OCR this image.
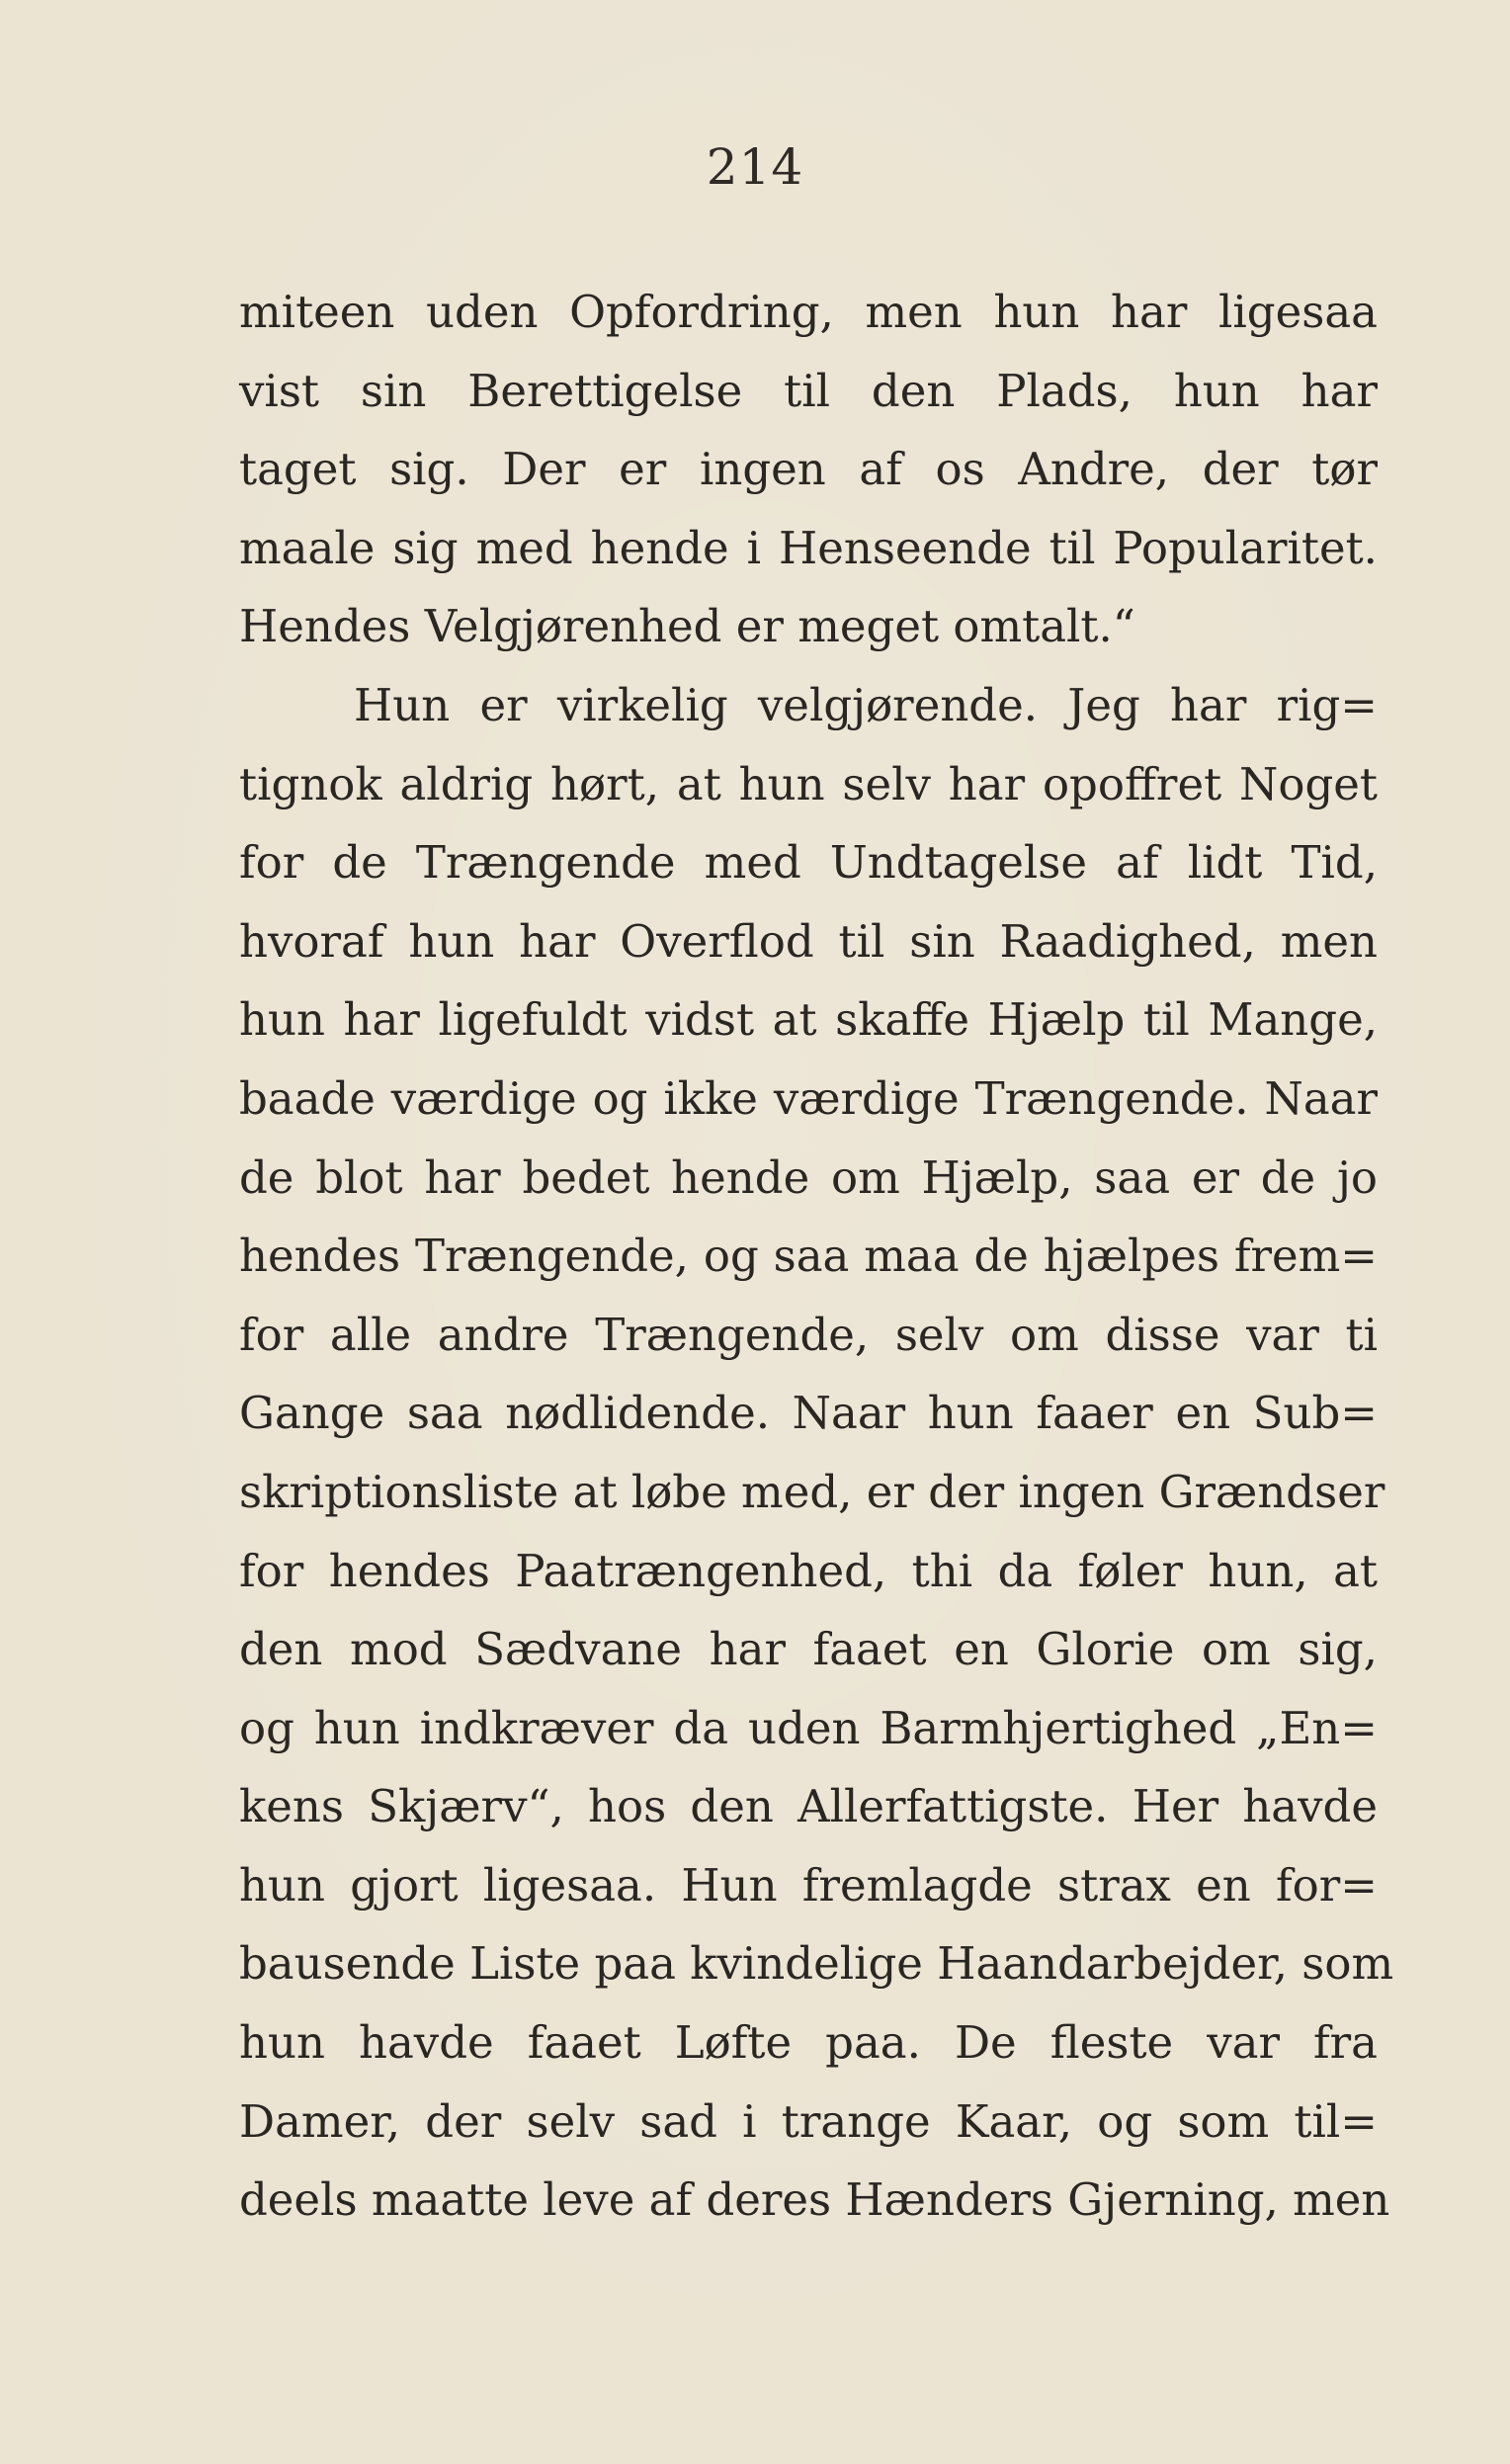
214
miteen uden Opfordring, men hun har ligesaa
vist sin Berettigelse til den Plads, hun har
taget sig. Der er ingen af os Andre, der tør
maale sig med hende i Henseende til Popularitet.
Hendes Velgjørenhed er meget omtalt.“
Hun er virkelig velgjørende. Jeg har rig=
tignok aldrig hørt, at hun selv har opoffret Noget
for de Trængende med Undtagelse af lidt Tid,
hvoraf hun har Overflod til sin Raadighed, men
hun har ligefuldt vidst at skaffe Hjælp til Mange,
baade værdige og ikke værdige Trængende. Naar
de blot har bedet hende om Hjælp, saa er de jo
hendes Trængende, og saa maa de hjælpes frem=
for alle andre Trængende, selv om disse var ti
Gange saa nødlidende. Naar hun faaer en Sub=
skriptionsliste at løbe med, er der ingen Grændser
for hendes Paatrængenhed, thi da føler hun, at
den mod Sædvane har faaet en Glorie om sig,
og hun indkræver da uden Barmhjertighed „En=
kens Skjærv“, hos den Allerfattigste. Her havde
hun gjort ligesaa. Hun fremlagde strax en for=
bausende Liste paa kvindelige Haandarbejder, som
hun havde faaet Løfte paa. De fleste var fra
Damer, der selv sad i trange Kaar, og som til=
deels maatte leve af deres Hænders Gjerning, men
